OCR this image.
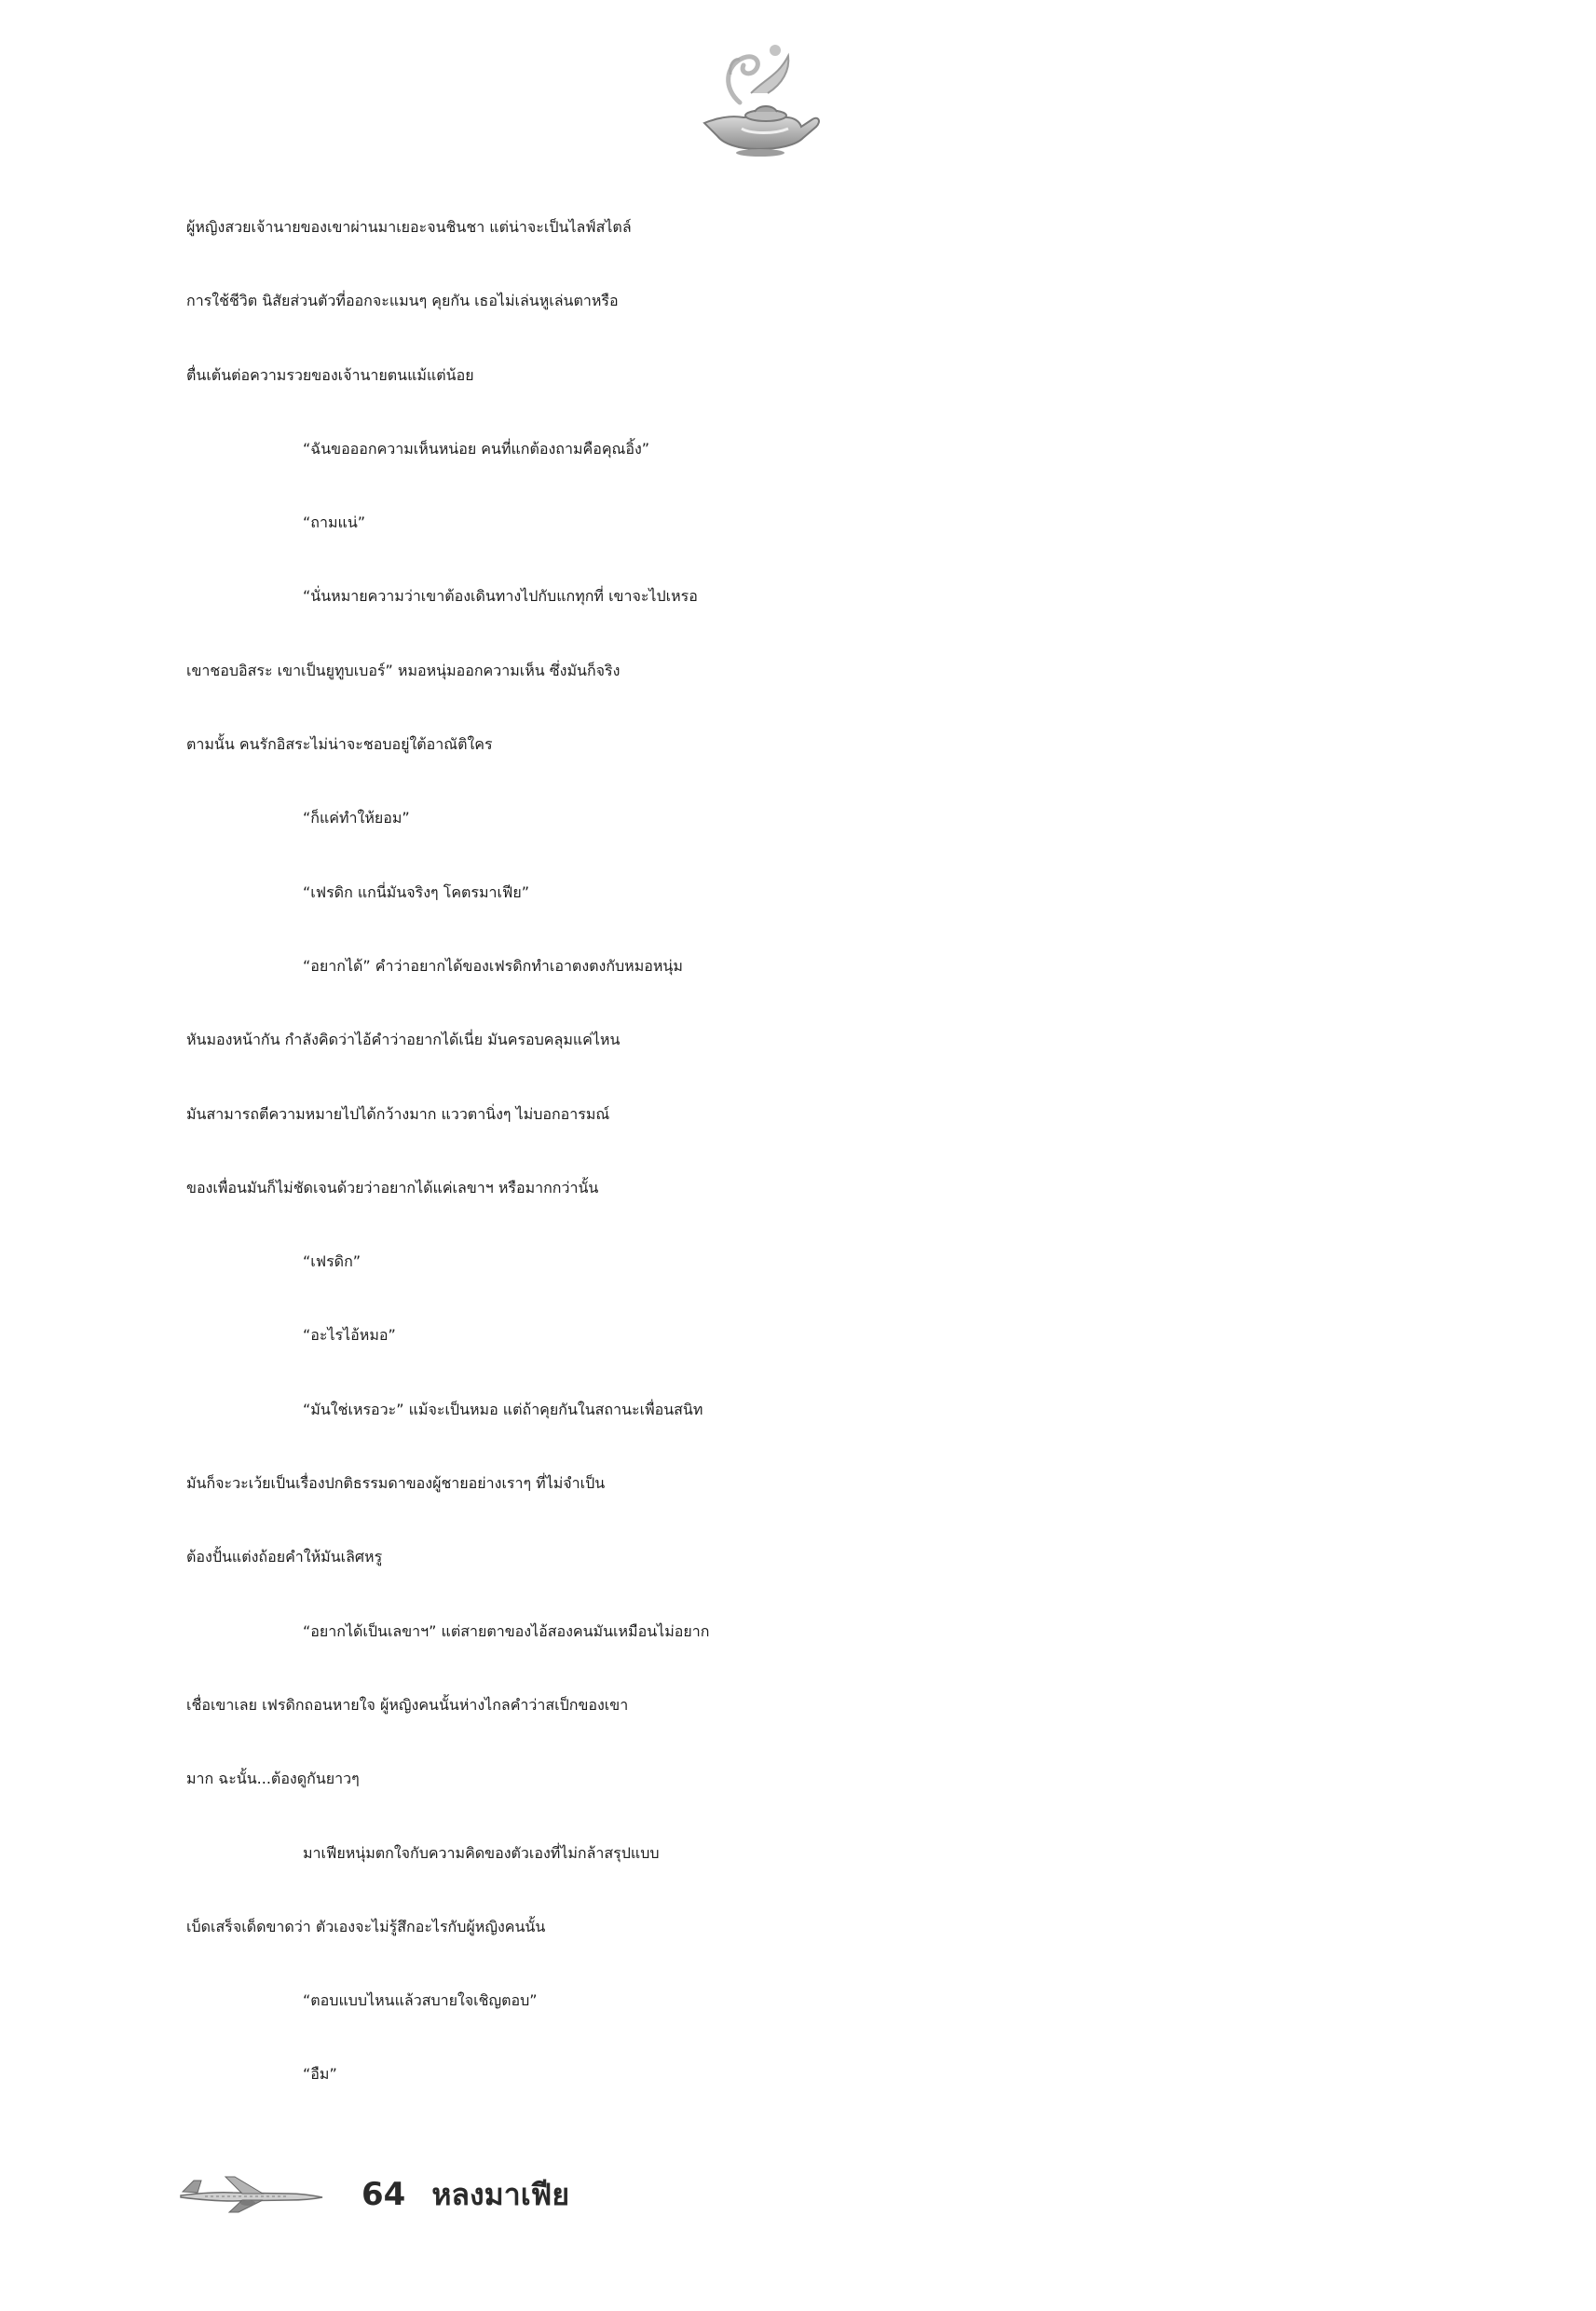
ผู้หญิงสวยเจ้านายของเขาผ่านมาเยอะจนชินชา แต่น่าจะเป็นไลฟ์สไตล์
การใช้ชีวิต นิสัยส่วนตัวที่ออกจะแมนๆ คุยกัน เธอไม่เล่นหูเล่นตาหรือ
ตื่นเต้นต่อความรวยของเจ้านายตนแม้แต่น้อย
“ฉันขอออกความเห็นหน่อย คนที่แกต้องถามคือคุณอิ้ง”
“ถามแน่”
“นั่นหมายความว่าเขาต้องเดินทางไปกับแกทุกที่ เขาจะไปเหรอ
เขาชอบอิสระ เขาเป็นยูทูบเบอร์” หมอหนุ่มออกความเห็น ซึ่งมันก็จริง
ตามนั้น คนรักอิสระไม่น่าจะชอบอยู่ใต้อาณัติใคร
“ก็แค่ทำให้ยอม”
“เฟรดิก แกนี่มันจริงๆ โคตรมาเฟีย”
“อยากได้” คำว่าอยากได้ของเฟรดิกทำเอาตงตงกับหมอหนุ่ม
หันมองหน้ากัน กำลังคิดว่าไอ้คำว่าอยากได้เนี่ย มันครอบคลุมแค่ไหน
มันสามารถตีความหมายไปได้กว้างมาก แววตานิ่งๆ ไม่บอกอารมณ์
ของเพื่อนมันก็ไม่ชัดเจนด้วยว่าอยากได้แค่เลขาฯ หรือมากกว่านั้น
“เฟรดิก”
“อะไรไอ้หมอ”
“มันใช่เหรอวะ” แม้จะเป็นหมอ แต่ถ้าคุยกันในสถานะเพื่อนสนิท
มันก็จะวะเว้ยเป็นเรื่องปกติธรรมดาของผู้ชายอย่างเราๆ ที่ไม่จำเป็น
ต้องปั้นแต่งถ้อยคำให้มันเลิศหรู
“อยากได้เป็นเลขาฯ” แต่สายตาของไอ้สองคนมันเหมือนไม่อยาก
เชื่อเขาเลย เฟรดิกถอนหายใจ ผู้หญิงคนนั้นห่างไกลคำว่าสเป็กของเขา
มาก ฉะนั้น...ต้องดูกันยาวๆ
มาเฟียหนุ่มตกใจกับความคิดของตัวเองที่ไม่กล้าสรุปแบบ
เบ็ดเสร็จเด็ดขาดว่า ตัวเองจะไม่รู้สึกอะไรกับผู้หญิงคนนั้น
“ตอบแบบไหนแล้วสบายใจเชิญตอบ”
“อืม”
64 หลงมาเฟีย
